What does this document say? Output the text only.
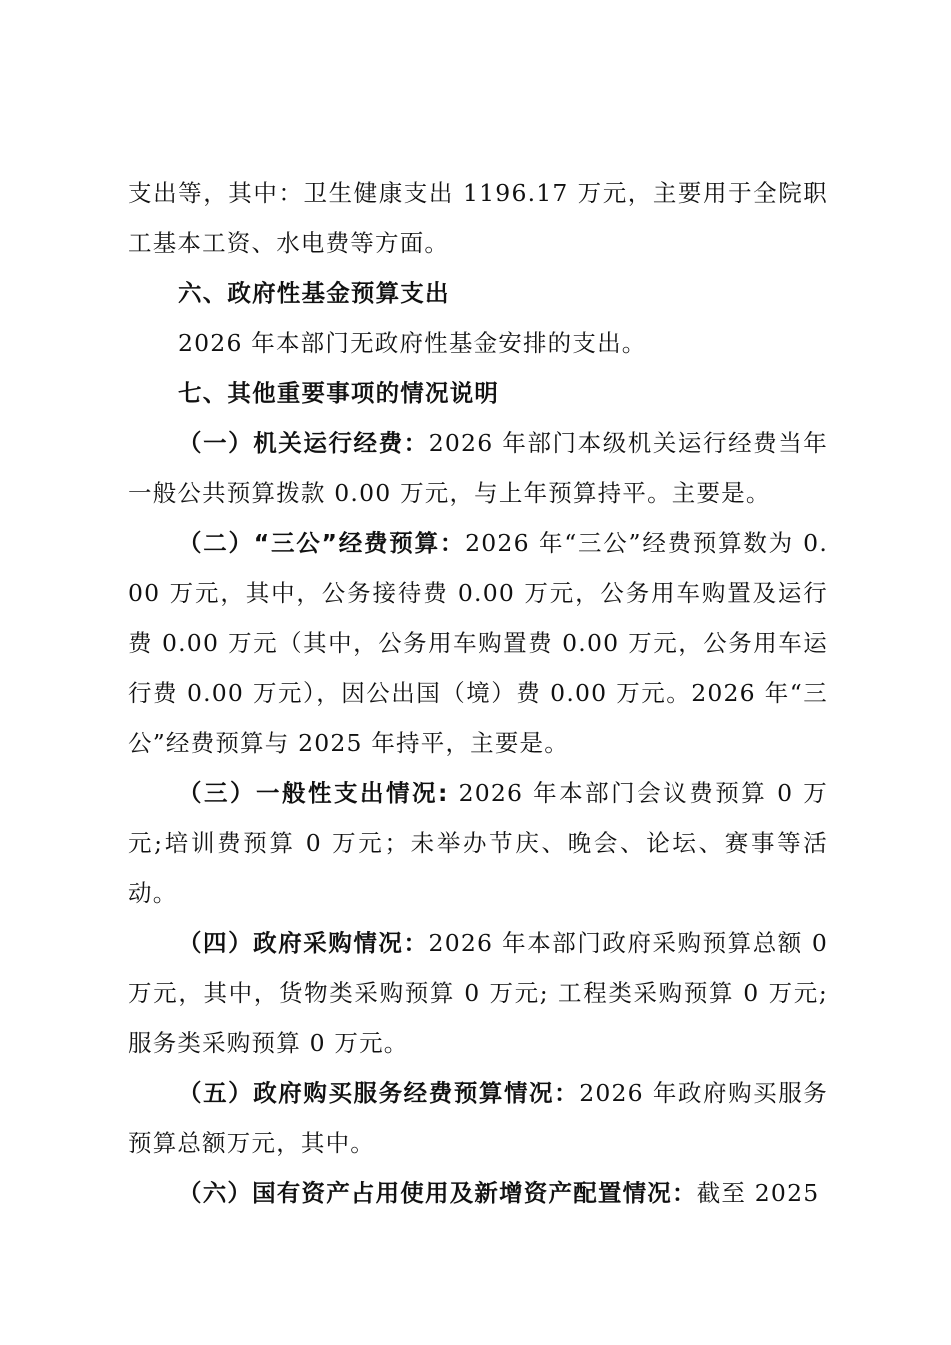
支出等，其中：卫生健康支出 1196.17 万元，主要用于全院职工基本工资、水电费等方面。

六、政府性基金预算支出

2026 年本部门无政府性基金安排的支出。

七、其他重要事项的情况说明

（一）机关运行经费：2026 年部门本级机关运行经费当年一般公共预算拨款 0.00 万元，与上年预算持平。主要是。

（二）“三公”经费预算：2026 年“三公”经费预算数为 0.00 万元，其中，公务接待费 0.00 万元，公务用车购置及运行费 0.00 万元（其中，公务用车购置费 0.00 万元，公务用车运行费 0.00 万元），因公出国（境）费 0.00 万元。2026 年“三公”经费预算与 2025 年持平，主要是。

（三）一般性支出情况: 2026 年本部门会议费预算 0 万元;培训费预算 0 万元；未举办节庆、晚会、论坛、赛事等活动。

（四）政府采购情况：2026 年本部门政府采购预算总额 0 万元，其中，货物类采购预算 0 万元; 工程类采购预算 0 万元;服务类采购预算 0 万元。

（五）政府购买服务经费预算情况：2026 年政府购买服务预算总额万元，其中。

（六）国有资产占用使用及新增资产配置情况：截至 2025
